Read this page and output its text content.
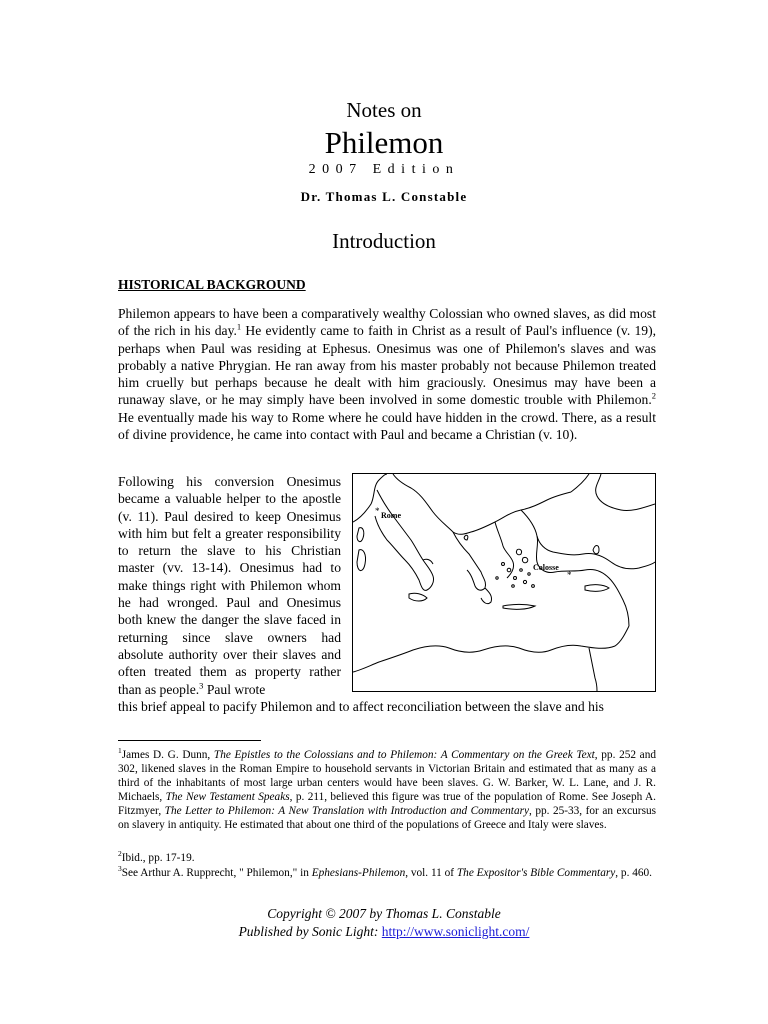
Notes on
Philemon
2007 Edition
Dr. Thomas L. Constable
Introduction
HISTORICAL BACKGROUND

Philemon appears to have been a comparatively wealthy Colossian who owned slaves, as did most of the rich in his day.$^1$ He evidently came to faith in Christ as a result of Paul's influence (v. 19), perhaps when Paul was residing at Ephesus. Onesimus was one of Philemon's slaves and was probably a native Phrygian. He ran away from his master probably not because Philemon treated him cruelly but perhaps because he dealt with him graciously. Onesimus may have been a runaway slave, or he may simply have been involved in some domestic trouble with Philemon.$^2$ He eventually made his way to Rome where he could have hidden in the crowd. There, as a result of divine providence, he came into contact with Paul and became a Christian (v. 10).

Following his conversion Onesimus became a valuable helper to the apostle (v. 11). Paul desired to keep Onesimus with him but felt a greater responsibility to return the slave to his Christian master (vv. 13-14). Onesimus had to make things right with Philemon whom he had wronged. Paul and Onesimus both knew the danger the slave faced in returning since slave owners had absolute authority over their slaves and often treated them as property rather than as people.$^3$ Paul wrote
this brief appeal to pacify Philemon and to affect reconciliation between the slave and his
* Rome
Colosse
*

$^1$James D. G. Dunn, The Epistles to the Colossians and to Philemon: A Commentary on the Greek Text, pp. 252 and 302, likened slaves in the Roman Empire to household servants in Victorian Britain and estimated that as many as a third of the inhabitants of most large urban centers would have been slaves. G. W. Barker, W. L. Lane, and J. R. Michaels, The New Testament Speaks, p. 211, believed this figure was true of the population of Rome. See Joseph A. Fitzmyer, The Letter to Philemon: A New Translation with Introduction and Commentary, pp. 25-33, for an excursus on slavery in antiquity. He estimated that about one third of the populations of Greece and Italy were slaves.

$^2$Ibid., pp. 17-19.

$^3$See Arthur A. Rupprecht, " Philemon," in Ephesians-Philemon, vol. 11 of The Expositor's Bible Commentary, p. 460.

Copyright © 2007 by Thomas L. Constable
Published by Sonic Light: http://www.soniclight.com/
